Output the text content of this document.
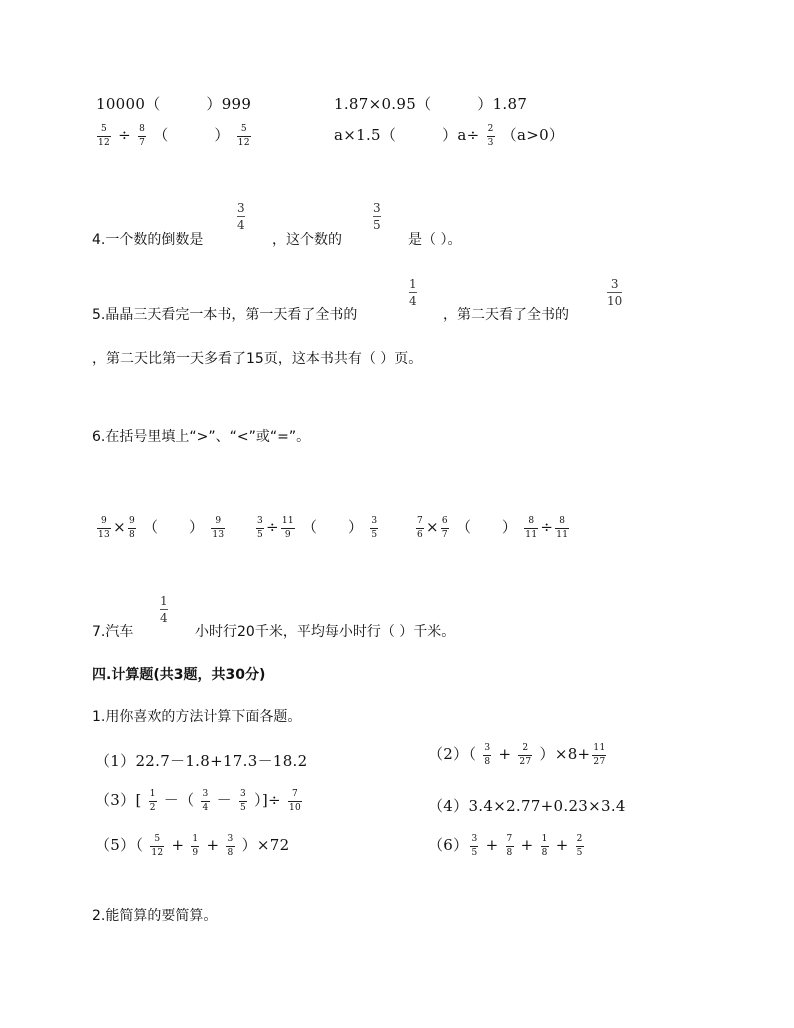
10000（　　　）999	1.87×0.95（　　　）1.87
$\frac{5}{12} \div \frac{8}{7}$ （　　　） $\frac{5}{12}$	a×1.5（　　　）$a\div \frac{2}{3} (a>0)$
4.一个数的倒数是
3
4
，这个数的
3
5
是（ ）。
5.晶晶三天看完一本书，第一天看了全书的
1
4
，第二天看了全书的
3
10
，第二天比第一天多看了15页，这本书共有（ ）页。
6.在括号里填上“>”、“<”或“=”。
$\frac{9}{13} \times \frac{9}{8}$ （　　） $\frac{9}{13}$	$\frac{3}{5} \div \frac{11}{9}$ （　　） $\frac{3}{5}$	$\frac{7}{6} \times \frac{6}{7}$ （　　） $\frac{8}{11} \div \frac{8}{11}$
7.汽车
1
4
小时行20千米，平均每小时行（ ）千米。
四.计算题(共3题，共30分)
1.用你喜欢的方法计算下面各题。
（1）22.7－1.8+17.3－18.2	$(2)( \frac{3}{8} + \frac{2}{27} )\times 8+ \frac{11}{27}$
$(3)[ \frac{1}{2}$ －（ $\frac{3}{4} - \frac{3}{5}$ ）]÷ $\frac{7}{10}$	（4）3.4×2.77+0.23×3.4
$(5)( \frac{5}{12} + \frac{1}{9} + \frac{3}{8} )\times 72$	$(6) \frac{3}{5} + \frac{7}{8} + \frac{1}{8} + \frac{2}{5}$
2.能简算的要简算。
